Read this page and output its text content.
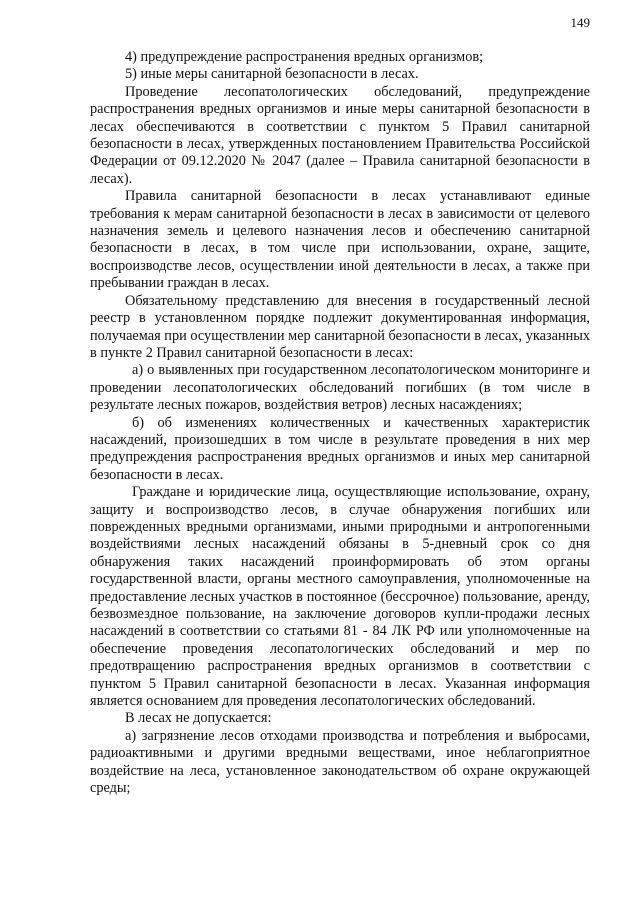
149

4) предупреждение распространения вредных организмов;

5) иные меры санитарной безопасности в лесах.

Проведение лесопатологических обследований, предупреждение распространения вредных организмов и иные меры санитарной безопасности в лесах обеспечиваются в соответствии с пунктом 5 Правил санитарной безопасности в лесах, утвержденных постановлением Правительства Российской Федерации от 09.12.2020 № 2047 (далее – Правила санитарной безопасности в лесах).

Правила санитарной безопасности в лесах устанавливают единые требования к мерам санитарной безопасности в лесах в зависимости от целевого назначения земель и целевого назначения лесов и обеспечению санитарной безопасности в лесах, в том числе при использовании, охране, защите, воспроизводстве лесов, осуществлении иной деятельности в лесах, а также при пребывании граждан в лесах.

Обязательному представлению для внесения в государственный лесной реестр в установленном порядке подлежит документированная информация, получаемая при осуществлении мер санитарной безопасности в лесах, указанных в пункте 2 Правил санитарной безопасности в лесах:

а) о выявленных при государственном лесопатологическом мониторинге и проведении лесопатологических обследований погибших (в том числе в результате лесных пожаров, воздействия ветров) лесных насаждениях;

б) об изменениях количественных и качественных характеристик насаждений, произошедших в том числе в результате проведения в них мер предупреждения распространения вредных организмов и иных мер санитарной безопасности в лесах.

Граждане и юридические лица, осуществляющие использование, охрану, защиту и воспроизводство лесов, в случае обнаружения погибших или поврежденных вредными организмами, иными природными и антропогенными воздействиями лесных насаждений обязаны в 5-дневный срок со дня обнаружения таких насаждений проинформировать об этом органы государственной власти, органы местного самоуправления, уполномоченные на предоставление лесных участков в постоянное (бессрочное) пользование, аренду, безвозмездное пользование, на заключение договоров купли-продажи лесных насаждений в соответствии со статьями 81 - 84 ЛК РФ или уполномоченные на обеспечение проведения лесопатологических обследований и мер по предотвращению распространения вредных организмов в соответствии с пунктом 5 Правил санитарной безопасности в лесах. Указанная информация является основанием для проведения лесопатологических обследований.

В лесах не допускается:

а) загрязнение лесов отходами производства и потребления и выбросами, радиоактивными и другими вредными веществами, иное неблагоприятное воздействие на леса, установленное законодательством об охране окружающей среды;
